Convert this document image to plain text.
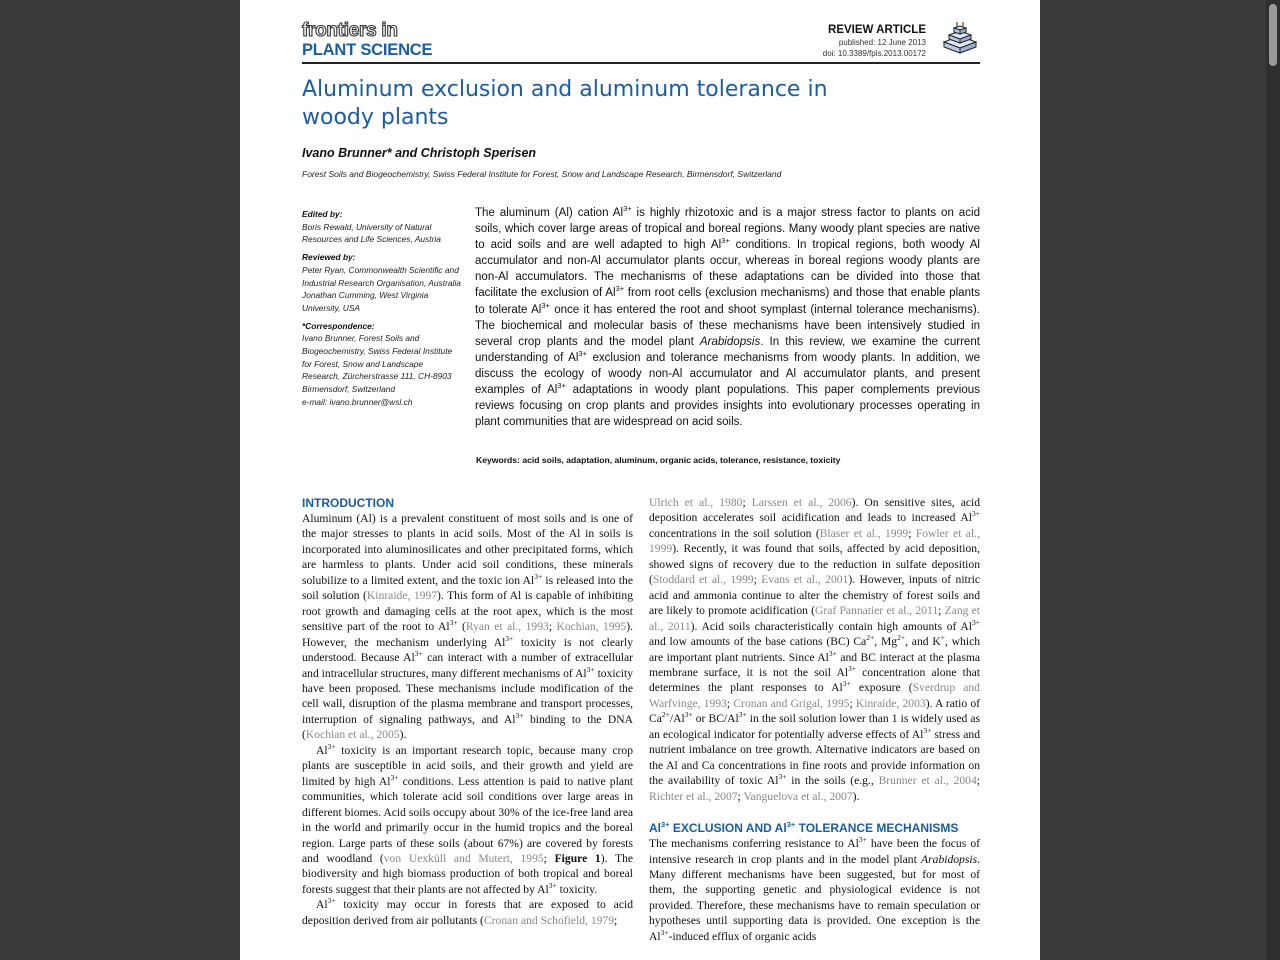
frontiers in
PLANT SCIENCE
REVIEW ARTICLE
published: 12 June 2013
doi: 10.3389/fpls.2013.00172
Aluminum exclusion and aluminum tolerance in woody plants
Ivano Brunner* and Christoph Sperisen
Forest Soils and Biogeochemistry, Swiss Federal Institute for Forest, Snow and Landscape Research, Birmensdorf, Switzerland
Edited by:
Boris Rewald, University of Natural Resources and Life Sciences, Austria
Reviewed by:
Peter Ryan, Commonwealth Scientific and Industrial Research Organisation, Australia
Jonathan Cumming, West Virginia University, USA
*Correspondence:
Ivano Brunner, Forest Soils and Biogeochemistry, Swiss Federal Institute for Forest, Snow and Landscape Research, Zürcherstrasse 111, CH-8903 Birmensdorf, Switzerland
e-mail: ivano.brunner@wsl.ch
The aluminum (Al) cation $Al^{3+}$ is highly rhizotoxic and is a major stress factor to plants on acid soils, which cover large areas of tropical and boreal regions. Many woody plant species are native to acid soils and are well adapted to high $Al^{3+}$ conditions. In tropical regions, both woody Al accumulator and non-Al accumulator plants occur, whereas in boreal regions woody plants are non-Al accumulators. The mechanisms of these adaptations can be divided into those that facilitate the exclusion of $Al^{3+}$ from root cells (exclusion mechanisms) and those that enable plants to tolerate $Al^{3+}$ once it has entered the root and shoot symplast (internal tolerance mechanisms). The biochemical and molecular basis of these mechanisms have been intensively studied in several crop plants and the model plant Arabidopsis. In this review, we examine the current understanding of $Al^{3+}$ exclusion and tolerance mechanisms from woody plants. In addition, we discuss the ecology of woody non-Al accumulator and Al accumulator plants, and present examples of $Al^{3+}$ adaptations in woody plant populations. This paper complements previous reviews focusing on crop plants and provides insights into evolutionary processes operating in plant communities that are widespread on acid soils.
Keywords: acid soils, adaptation, aluminum, organic acids, tolerance, resistance, toxicity
INTRODUCTION

Aluminum (Al) is a prevalent constituent of most soils and is one of the major stresses to plants in acid soils. Most of the Al in soils is incorporated into aluminosilicates and other precipitated forms, which are harmless to plants. Under acid soil conditions, these minerals solubilize to a limited extent, and the toxic ion $Al^{3+}$ is released into the soil solution (Kinraide, 1997). This form of Al is capable of inhibiting root growth and damaging cells at the root apex, which is the most sensitive part of the root to $Al^{3+}$ (Ryan et al., 1993; Kochian, 1995). However, the mechanism underlying $Al^{3+}$ toxicity is not clearly understood. Because $Al^{3+}$ can interact with a number of extracellular and intracellular structures, many different mechanisms of $Al^{3+}$ toxicity have been proposed. These mechanisms include modification of the cell wall, disruption of the plasma membrane and transport processes, interruption of signaling pathways, and $Al^{3+}$ binding to the DNA (Kochian et al., 2005).

$Al^{3+}$ toxicity is an important research topic, because many crop plants are susceptible in acid soils, and their growth and yield are limited by high $Al^{3+}$ conditions. Less attention is paid to native plant communities, which tolerate acid soil conditions over large areas in different biomes. Acid soils occupy about 30% of the ice-free land area in the world and primarily occur in the humid tropics and the boreal region. Large parts of these soils (about 67%) are covered by forests and woodland (von Uexküll and Mutert, 1995; Figure 1). The biodiversity and high biomass production of both tropical and boreal forests suggest that their plants are not affected by $Al^{3+}$ toxicity.

$Al^{3+}$ toxicity may occur in forests that are exposed to acid deposition derived from air pollutants (Cronan and Schofield, 1979;

Ulrich et al., 1980; Larssen et al., 2006). On sensitive sites, acid deposition accelerates soil acidification and leads to increased $Al^{3+}$ concentrations in the soil solution (Blaser et al., 1999; Fowler et al., 1999). Recently, it was found that soils, affected by acid deposition, showed signs of recovery due to the reduction in sulfate deposition (Stoddard et al., 1999; Evans et al., 2001). However, inputs of nitric acid and ammonia continue to alter the chemistry of forest soils and are likely to promote acidification (Graf Pannatier et al., 2011; Zang et al., 2011). Acid soils characteristically contain high amounts of $Al^{3+}$ and low amounts of the base cations (BC) $Ca^{2+}$, $Mg^{2+}$, and K+, which are important plant nutrients. Since $Al^{3+}$ and BC interact at the plasma membrane surface, it is not the soil $Al^{3+}$ concentration alone that determines the plant responses to $Al^{3+}$ exposure (Sverdrup and Warfvinge, 1993; Cronan and Grigal, 1995; Kinraide, 2003). A ratio of $Ca^{2+}/Al^{3+}$ or $BC/Al^{3+}$ in the soil solution lower than 1 is widely used as an ecological indicator for potentially adverse effects of $Al^{3+}$ stress and nutrient imbalance on tree growth. Alternative indicators are based on the Al and Ca concentrations in fine roots and provide information on the availability of toxic $Al^{3+}$ in the soils (e.g., Brunner et al., 2004; Richter et al., 2007; Vanguelova et al., 2007).

$Al^{3+}$ EXCLUSION AND $Al^{3+}$ TOLERANCE MECHANISMS

The mechanisms conferring resistance to $Al^{3+}$ have been the focus of intensive research in crop plants and in the model plant Arabidopsis. Many different mechanisms have been suggested, but for most of them, the supporting genetic and physiological evidence is not provided. Therefore, these mechanisms have to remain speculation or hypotheses until supporting data is provided. One exception is the $Al^{3+}$-induced efflux of organic acids
